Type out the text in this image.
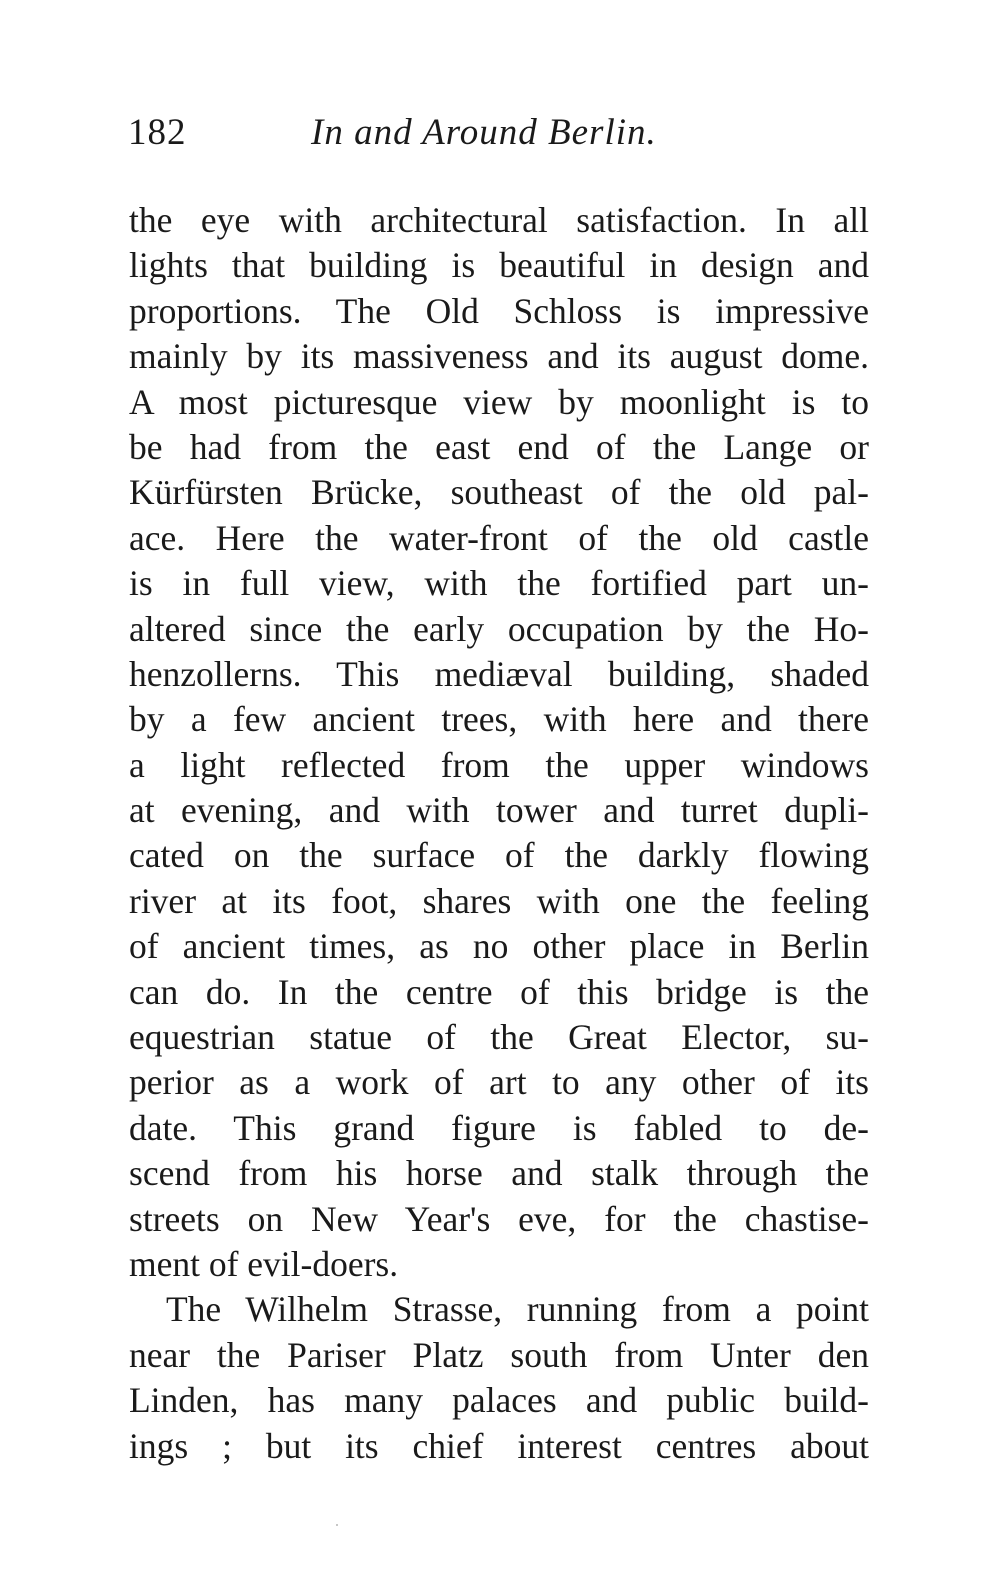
182	In and Around Berlin.
the eye with architectural satisfaction. In all
lights that building is beautiful in design and
proportions. The Old Schloss is impressive
mainly by its massiveness and its august dome.
A most picturesque view by moonlight is to
be had from the east end of the Lange or
Kürfürsten Brücke, southeast of the old pal-
ace. Here the water-front of the old castle
is in full view, with the fortified part un-
altered since the early occupation by the Ho-
henzollerns. This mediæval building, shaded
by a few ancient trees, with here and there
a light reflected from the upper windows
at evening, and with tower and turret dupli-
cated on the surface of the darkly flowing
river at its foot, shares with one the feeling
of ancient times, as no other place in Berlin
can do. In the centre of this bridge is the
equestrian statue of the Great Elector, su-
perior as a work of art to any other of its
date. This grand figure is fabled to de-
scend from his horse and stalk through the
streets on New Year's eve, for the chastise-
ment of evil-doers.
The Wilhelm Strasse, running from a point
near the Pariser Platz south from Unter den
Linden, has many palaces and public build-
ings ; but its chief interest centres about
